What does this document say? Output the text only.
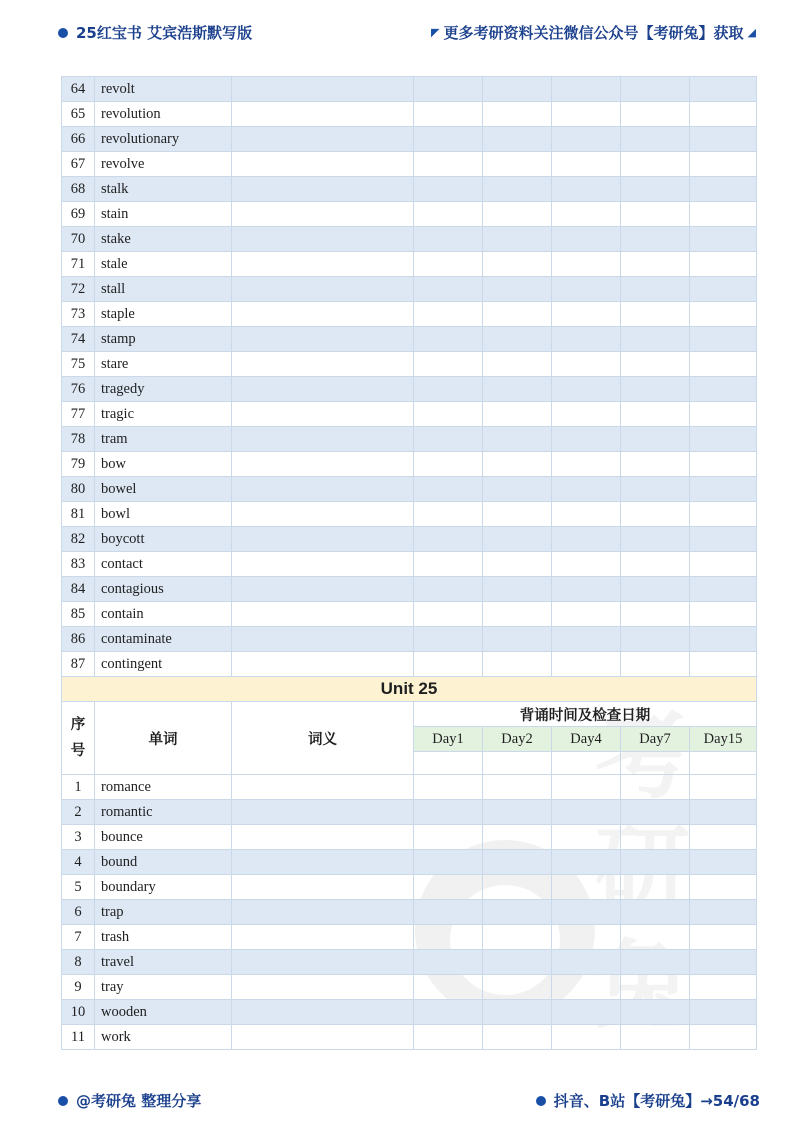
25红宝书 艾宾浩斯默写版	◤ 更多考研资料关注微信公众号【考研兔】获取 ◢
64	revolt						
65	revolution						
66	revolutionary						
67	revolve						
68	stalk						
69	stain						
70	stake						
71	stale						
72	stall						
73	staple						
74	stamp						
75	stare						
76	tragedy						
77	tragic						
78	tram						
79	bow						
80	bowel						
81	bowl						
82	boycott						
83	contact						
84	contagious						
85	contain						
86	contaminate						
87	contingent						
Unit 25							
序
号	单词	词义	背诵时间及检查日期				
			Day1	Day2	Day4	Day7	Day15

1	romance						
2	romantic						
3	bounce						
4	bound						
5	boundary						
6	trap						
7	trash						
8	travel						
9	tray						
10	wooden						
11	work						
@考研兔 整理分享	抖音、B站【考研兔】→54/68
